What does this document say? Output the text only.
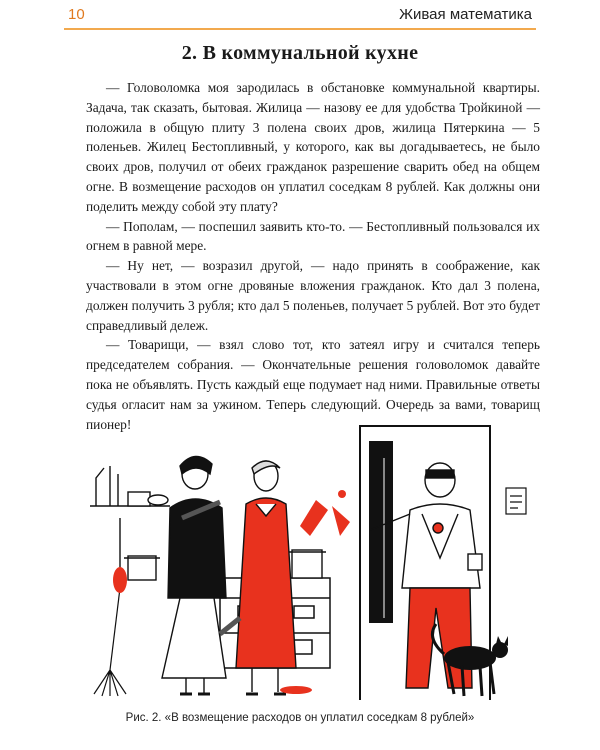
10	Живая математика
2. В коммунальной кухне

— Головоломка моя зародилась в обстановке коммунальной квартиры. Задача, так сказать, бытовая. Жилица — назову ее для удобства Тройкиной — положила в общую плиту 3 полена своих дров, жилица Пятеркина — 5 поленьев. Жилец Бестопливный, у которого, как вы догадываетесь, не было своих дров, получил от обеих гражданок разрешение сварить обед на общем огне. В возмещение расходов он уплатил соседкам 8 рублей. Как должны они поделить между собой эту плату?

— Пополам, — поспешил заявить кто-то. — Бестопливный пользовался их огнем в равной мере.

— Ну нет, — возразил другой, — надо принять в соображение, как участвовали в этом огне дровяные вложения гражданок. Кто дал 3 полена, должен получить 3 рубля; кто дал 5 поленьев, получает 5 рублей. Вот это будет справедливый дележ.

— Товарищи, — взял слово тот, кто затеял игру и считался теперь председателем собрания. — Окончательные решения головоломок давайте пока не объявлять. Пусть каждый еще подумает над ними. Правильные ответы судья огласит нам за ужином. Теперь следующий. Очередь за вами, товарищ пионер!

Рис. 2. «В возмещение расходов он уплатил соседкам 8 рублей»
